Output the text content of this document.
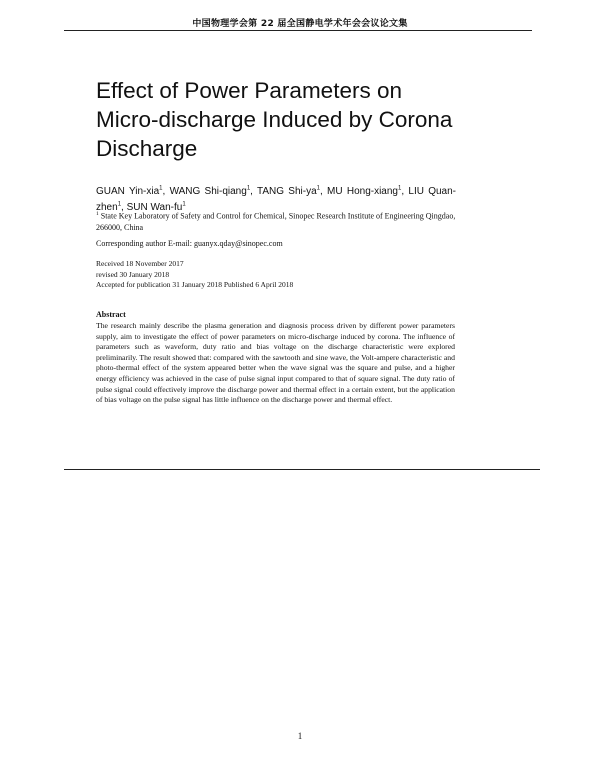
中国物理学会第 22 届全国静电学术年会会议论文集
Effect of Power Parameters on
Micro-discharge Induced by Corona
Discharge
GUAN Yin-xia$^1$, WANG Shi-qiang$^1$, TANG Shi-$ya^1$, MU Hong-xiang$^1$, LIU Quan-zhen$^1$, SUN Wan-$fu^1$
$^1$ State Key Laboratory of Safety and Control for Chemical, Sinopec Research Institute of Engineering Qingdao, 266000, China
Corresponding author E-mail: guanyx.qday@sinopec.com
Received 18 November 2017
revised 30 January 2018
Accepted for publication 31 January 2018 Published 6 April 2018
Abstract

The research mainly describe the plasma generation and diagnosis process driven by different power parameters supply, aim to investigate the effect of power parameters on micro-discharge induced by corona. The influence of parameters such as waveform, duty ratio and bias voltage on the discharge characteristic were explored preliminarily. The result showed that: compared with the sawtooth and sine wave, the Volt-ampere characteristic and photo-thermal effect of the system appeared better when the wave signal was the square and pulse, and a higher energy efficiency was achieved in the case of pulse signal input compared to that of square signal. The duty ratio of pulse signal could effectively improve the discharge power and thermal effect in a certain extent, but the application of bias voltage on the pulse signal has little influence on the discharge power and thermal effect.

1
